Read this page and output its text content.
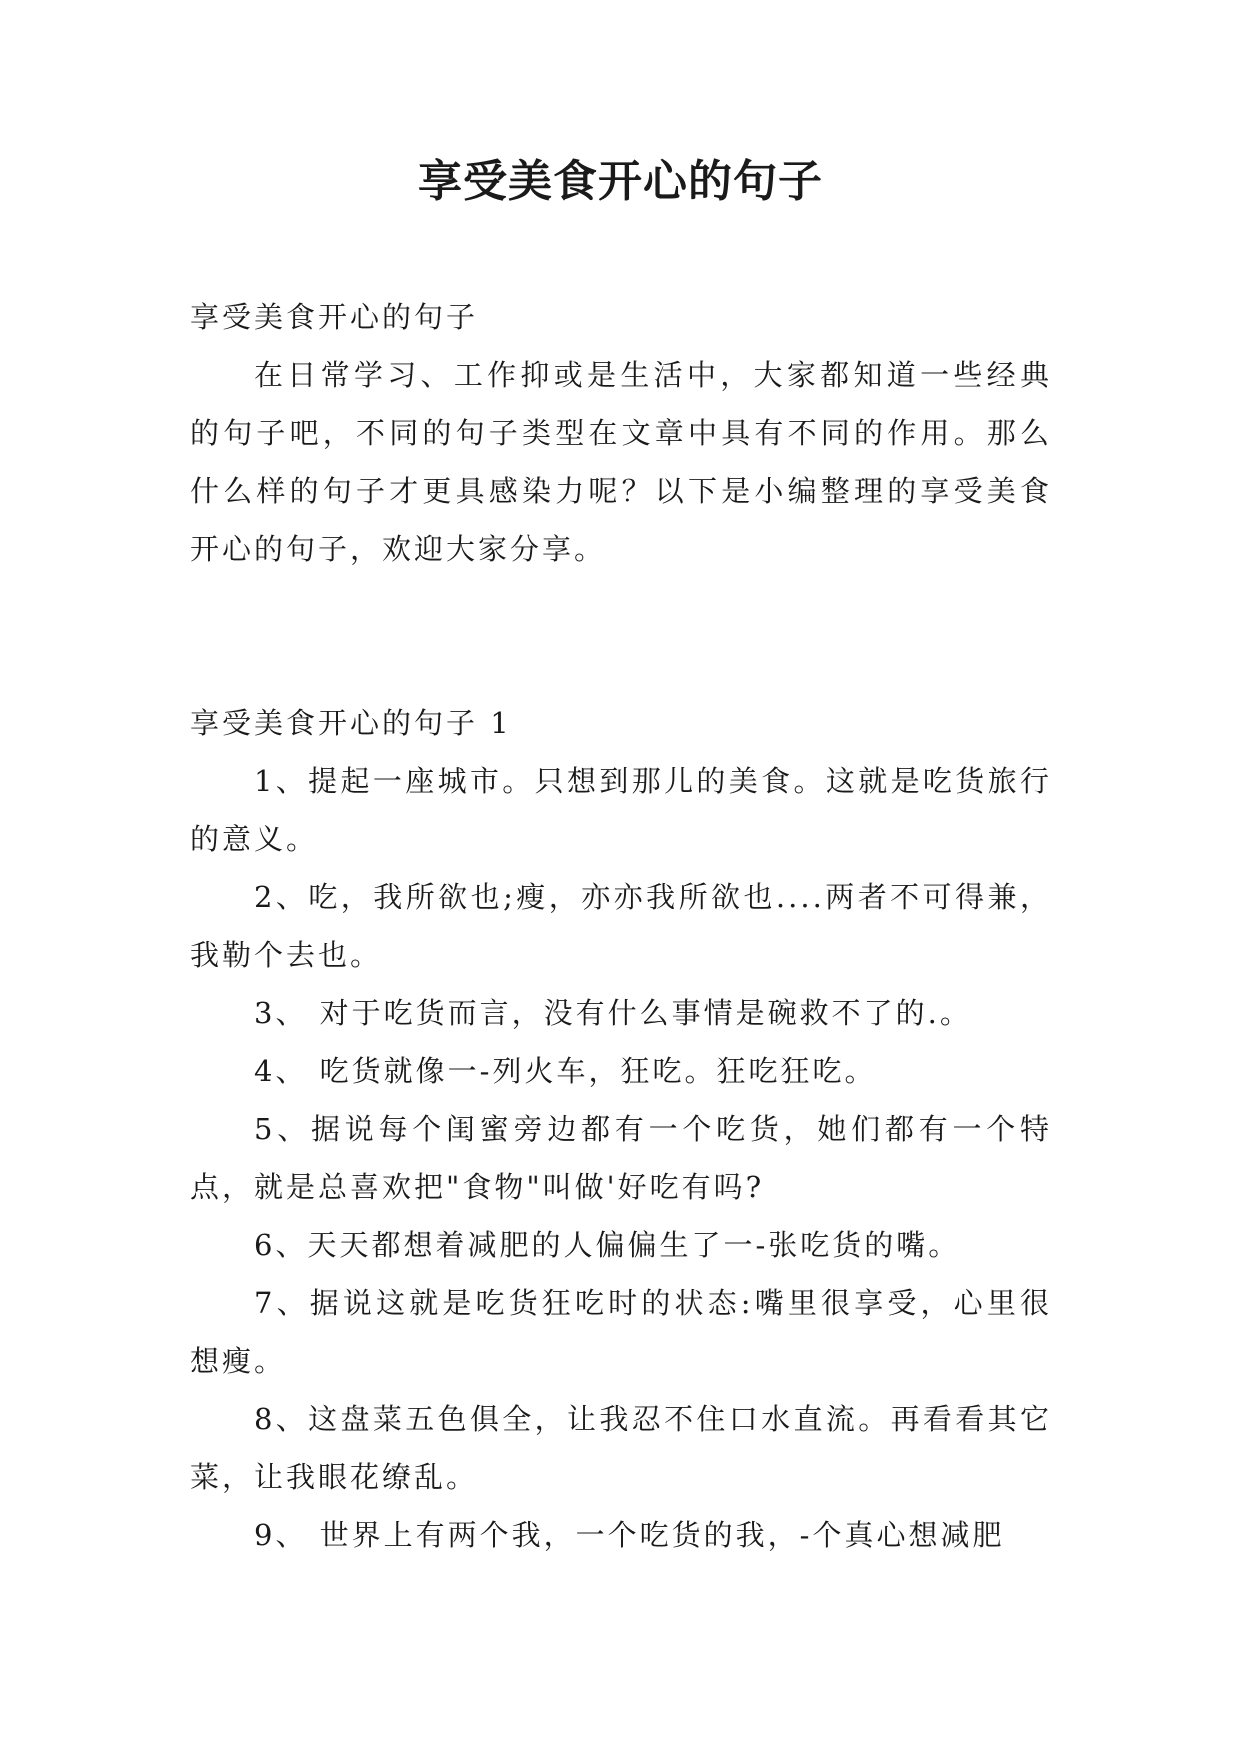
享受美食开心的句子

享受美食开心的句子

在日常学习、工作抑或是生活中，大家都知道一些经典的句子吧，不同的句子类型在文章中具有不同的作用。那么什么样的句子才更具感染力呢？以下是小编整理的享受美食开心的句子，欢迎大家分享。

享受美食开心的句子 1

1、提起一座城市。只想到那儿的美食。这就是吃货旅行的意义。

2、吃，我所欲也;瘦，亦亦我所欲也....两者不可得兼，我勒个去也。

3、 对于吃货而言，没有什么事情是碗救不了的.。

4、 吃货就像一-列火车，狂吃。狂吃狂吃。

5、据说每个闺蜜旁边都有一个吃货，她们都有一个特点，就是总喜欢把"食物"叫做'好吃有吗?

6、天天都想着减肥的人偏偏生了一-张吃货的嘴。

7、据说这就是吃货狂吃时的状态:嘴里很享受，心里很想瘦。

8、这盘菜五色俱全，让我忍不住口水直流。再看看其它菜，让我眼花缭乱。

9、 世界上有两个我，一个吃货的我，-个真心想减肥
